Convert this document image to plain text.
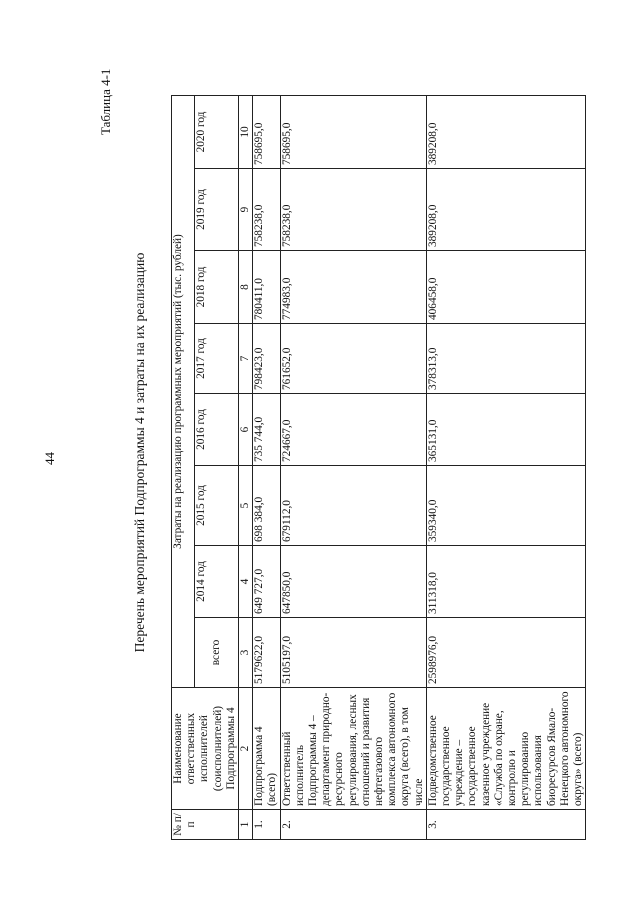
44
Таблица 4-1
Перечень мероприятий Подпрограммы 4 и затраты на их реализацию
№ п/п	Наименование ответственных исполнителей (соисполнителей) Подпрограммы 4	Затраты на реализацию программных мероприятий (тыс. рублей)							
		всего	2014 год	2015 год	2016 год	2017 год	2018 год	2019 год	2020 год
1	2	3	4	5	6	7	8	9	10
1.	Подпрограмма 4 (всего)	5179622,0	649 727,0	698 384,0	735 744,0	798423,0	780411,0	758238,0	758695,0
2.	Ответственный исполнитель Подпрограммы 4 – департамент природно-ресурсного регулирования, лесных отношений и развития нефтегазового комплекса автономного округа (всего), в том числе	5105197,0	647850,0	679112,0	724667,0	761652,0	774983,0	758238,0	758695,0
3.	Подведомственное государственное учреждение – государственное казенное учреждение «Служба по охране, контролю и регулированию использования биоресурсов Ямало-Ненецкого автономного округа» (всего)	2598976,0	311318,0	359340,0	365131,0	378313,0	406458,0	389208,0	389208,0
